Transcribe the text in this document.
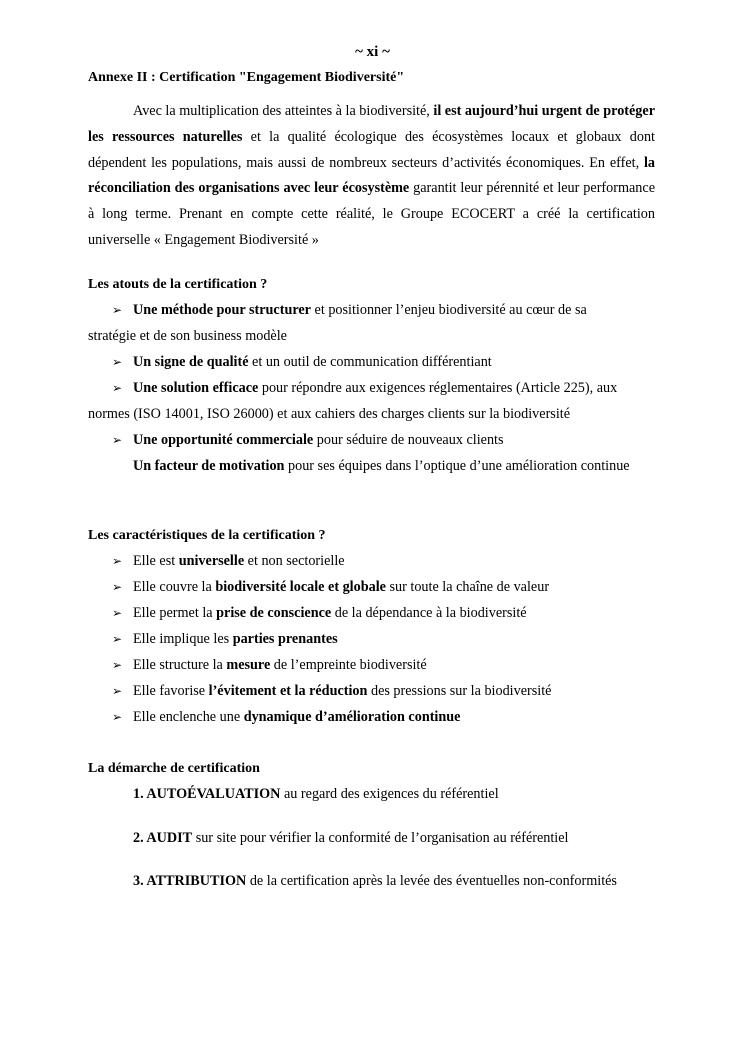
~ xi ~
Annexe II : Certification "Engagement Biodiversité"
Avec la multiplication des atteintes à la biodiversité, il est aujourd’hui urgent de protéger les ressources naturelles et la qualité écologique des écosystèmes locaux et globaux dont dépendent les populations, mais aussi de nombreux secteurs d’activités économiques. En effet, la réconciliation des organisations avec leur écosystème garantit leur pérennité et leur performance à long terme. Prenant en compte cette réalité, le Groupe ECOCERT a créé la certification universelle « Engagement Biodiversité »
Les atouts de la certification ?
➢ Une méthode pour structurer et positionner l’enjeu biodiversité au cœur de sa
stratégie et de son business modèle
➢ Un signe de qualité et un outil de communication différentiant
➢ Une solution efficace pour répondre aux exigences réglementaires (Article 225), aux
normes (ISO 14001, ISO 26000) et aux cahiers des charges clients sur la biodiversité
➢ Une opportunité commerciale pour séduire de nouveaux clients
Un facteur de motivation pour ses équipes dans l’optique d’une amélioration continue
Les caractéristiques de la certification ?
➢ Elle est universelle et non sectorielle
➢ Elle couvre la biodiversité locale et globale sur toute la chaîne de valeur
➢ Elle permet la prise de conscience de la dépendance à la biodiversité
➢ Elle implique les parties prenantes
➢ Elle structure la mesure de l’empreinte biodiversité
➢ Elle favorise l’évitement et la réduction des pressions sur la biodiversité
➢ Elle enclenche une dynamique d’amélioration continue
La démarche de certification
1. AUTOÉVALUATION au regard des exigences du référentiel
2. AUDIT sur site pour vérifier la conformité de l’organisation au référentiel
3. ATTRIBUTION de la certification après la levée des éventuelles non-conformités
